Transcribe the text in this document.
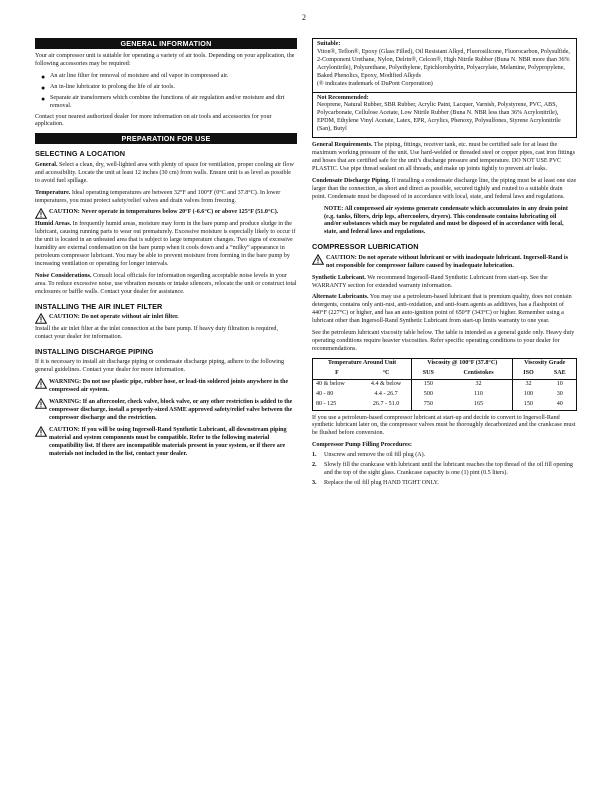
2
GENERAL INFORMATION

Your air compressor unit is suitable for operating a variety of air tools. Depending on your application, the following accessories may be required:

● An air line filter for removal of moisture and oil vapor in compressed air.
● An in-line lubricator to prolong the life of air tools.
● Separate air transformers which combine the functions of air regulation and/or moisture and dirt removal.

Contact your nearest authorized dealer for more information on air tools and accessories for your application.

PREPARATION FOR USE
SELECTING A LOCATION

General. Select a clean, dry, well-lighted area with plenty of space for ventilation, proper cooling air flow and accessibility. Locate the unit at least 12 inches (30 cm) from walls. Ensure unit is as level as possible to avoid fuel spillage.

Temperature. Ideal operating temperatures are between 32°F and 100°F (0°C and 37.8°C). In lower temperatures, you must protect safety/relief valves and drain valves from freezing.

CAUTION: Never operate in temperatures below 20°F (-6.6°C) or above 125°F (51.0°C).

Humid Areas. In frequently humid areas, moisture may form in the bare pump and produce sludge in the lubricant, causing running parts to wear out prematurely. Excessive moisture is especially likely to occur if the unit is located in an unheated area that is subject to large temperature changes. Two signs of excessive humidity are external condensation on the bare pump when it cools down and a “milky” appearance in petroleum compressor lubricant. You may be able to prevent moisture from forming in the bare pump by increasing ventilation or operating for longer intervals.

Noise Considerations. Consult local officials for information regarding acceptable noise levels in your area. To reduce excessive noise, use vibration mounts or intake silencers, relocate the unit or construct total enclosures or baffle walls. Contact your dealer for assistance.

INSTALLING THE AIR INLET FILTER
CAUTION: Do not operate without air inlet filter.

Install the air inlet filter at the inlet connection at the bare pump. If heavy duty filtration is required, contact your dealer for information.

INSTALLING DISCHARGE PIPING

If it is necessary to install air discharge piping or condensate discharge piping, adhere to the following general guidelines. Contact your dealer for more information.

WARNING: Do not use plastic pipe, rubber hose, or lead-tin soldered joints anywhere in the compressed air system.
WARNING: If an aftercooler, check valve, block valve, or any other restriction is added to the compressor discharge, install a properly-sized ASME approved safety/relief valve between the compressor discharge and the restriction.
CAUTION: If you will be using Ingersoll-Rand Synthetic Lubricant, all downstream piping material and system components must be compatible. Refer to the following material compatibility list. If there are incompatible materials present in your system, or if there are materials not included in the list, contact your dealer.
Suitable:
Viton®, Teflon®, Epoxy (Glass Filled), Oil Resistant Alkyd, Fluorosilicone, Fluorocarbon, Polysulfide, 2-Component Urethane, Nylon, Delrin®, Celcon®, High Nitrile Rubber (Buna N. NBR more than 36% Acrylonitrile), Polyurethane, Polyethylene, Epichlorohydrin, Polyacrylate, Melamine, Polypropylene, Baked Phenolics, Epoxy, Modified Alkyds
(® indicates trademark of DuPont Corporation)
Not Recommended:
Neoprene, Natural Rubber, SBR Rubber, Acrylic Paint, Lacquer, Varnish, Polystyrene, PVC, ABS, Polycarbonate, Cellulose Acetate, Low Nitrile Rubber (Buna N. NBR less than 36% Acrylonitrile), EPDM, Ethylene Vinyl Acetate, Latex, EPR, Acrylics, Phenoxy, Polysulfones, Styrene Acrylonitrile (San), Butyl

General Requirements. The piping, fittings, receiver tank, etc. must be certified safe for at least the maximum working pressure of the unit. Use hard-welded or threaded steel or copper pipes, cast iron fittings and hoses that are certified safe for the unit’s discharge pressure and temperature. DO NOT USE PVC PLASTIC. Use pipe thread sealant on all threads, and make up joints tightly to prevent air leaks.

Condensate Discharge Piping. If installing a condensate discharge line, the piping must be at least one size larger than the connection, as short and direct as possible, secured tightly and routed to a suitable drain point. Condensate must be disposed of in accordance with local, state, and federal laws and regulations.

NOTE: All compressed air systems generate condensate which accumulates in any drain point (e.g. tanks, filters, drip legs, aftercoolers, dryers). This condensate contains lubricating oil and/or substances which may be regulated and must be disposed of in accordance with local, state, and federal laws and regulations.
COMPRESSOR LUBRICATION
CAUTION: Do not operate without lubricant or with inadequate lubricant. Ingersoll-Rand is not responsible for compressor failure caused by inadequate lubrication.

Synthetic Lubricant. We recommend Ingersoll-Rand Synthetic Lubricant from start-up. See the WARRANTY section for extended warranty information.

Alternate Lubricants. You may use a petroleum-based lubricant that is premium quality, does not contain detergents, contains only anti-rust, anti-oxidation, and anti-foam agents as additives, has a flashpoint of 440°F (227°C) or higher, and has an auto-ignition point of 650°F (343°C) or higher. Remember using a lubricant other than Ingersoll-Rand Synthetic Lubricant from start-up limits warranty to one year.

See the petroleum lubricant viscosity table below. The table is intended as a general guide only. Heavy duty operating conditions require heavier viscosities. Refer specific operating conditions to your dealer for recommendations.

Temperature Around Unit		Viscosity @ 100°F (37.8°C)		Viscosity Grade	
F	°C	SUS	Centistokes	ISO	SAE
40 & below	4.4 & below	150	32	32	10
40 - 80	4.4 - 26.7	500	110	100	30
80 - 125	26.7 - 51.0	750	165	150	40

If you use a petroleum-based compressor lubricant at start-up and decide to convert to Ingersoll-Rand synthetic lubricant later on, the compressor valves must be thoroughly decarbonized and the crankcase must be flushed before conversion.

Compressor Pump Filling Procedures:
1. Unscrew and remove the oil fill plug (A).
2. Slowly fill the crankcase with lubricant until the lubricant reaches the top thread of the oil fill opening and the top of the sight glass. Crankcase capacity is one (1) pint (0.5 liters).
3. Replace the oil fill plug HAND TIGHT ONLY.
